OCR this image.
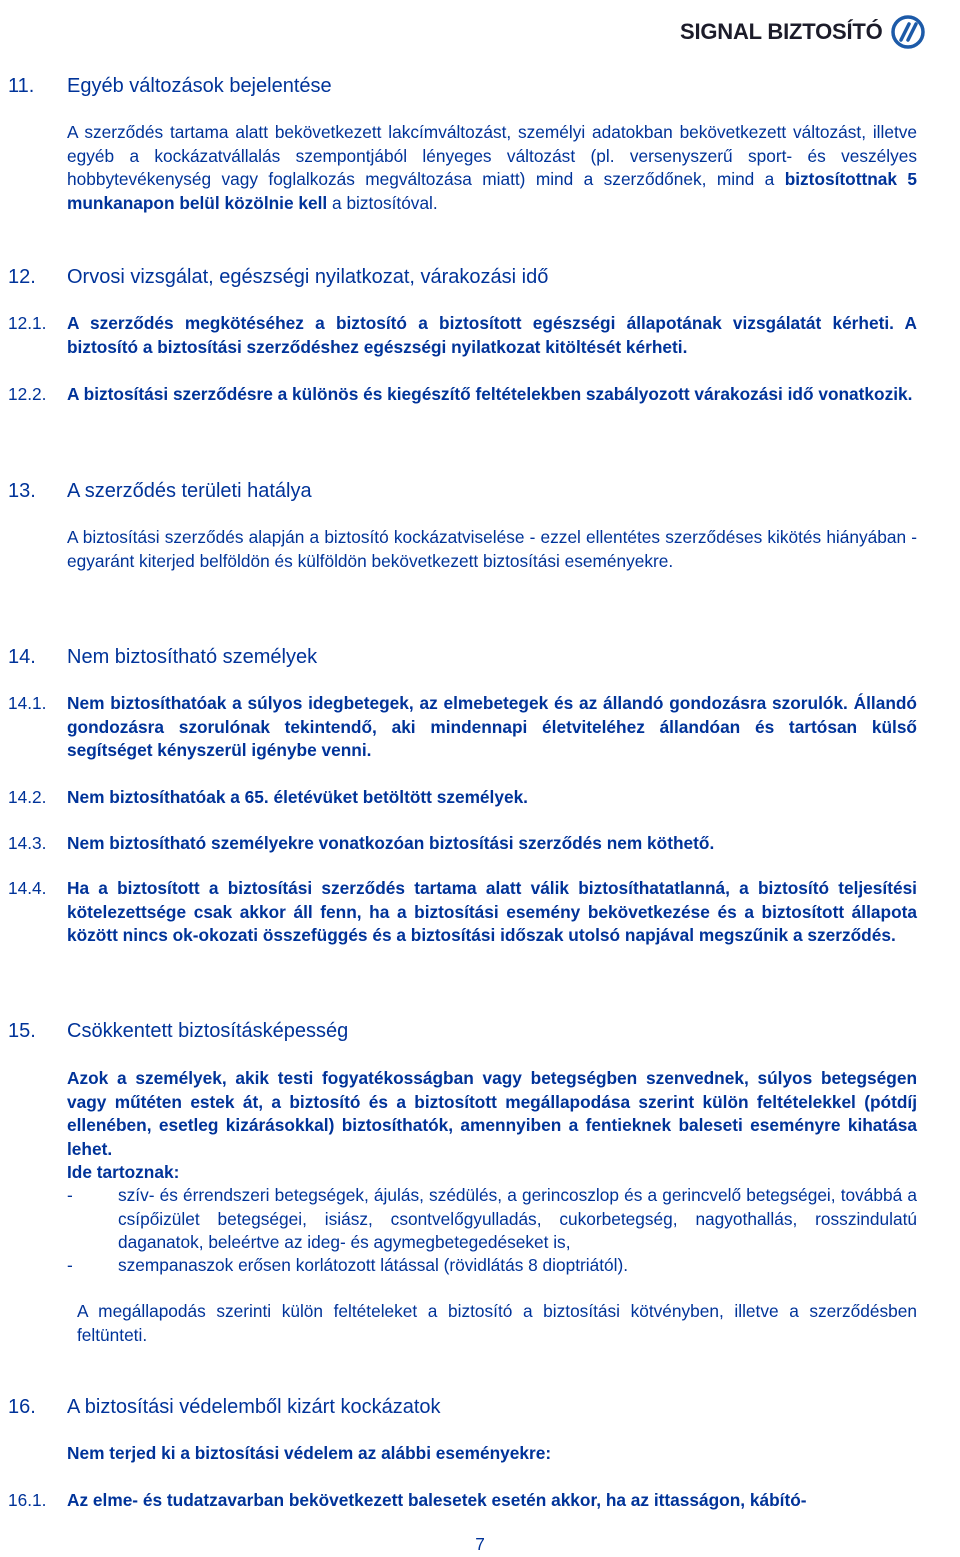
SIGNAL BIZTOSÍTÓ
11. Egyéb változások bejelentése
A szerződés tartama alatt bekövetkezett lakcímváltozást, személyi adatokban bekövetkezett változást, illetve egyéb a kockázatvállalás szempontjából lényeges változást (pl. versenyszerű sport- és veszélyes hobbytevékenység vagy foglalkozás megváltozása miatt) mind a szerződőnek, mind a biztosítottnak 5 munkanapon belül közölnie kell a biztosítóval.
12. Orvosi vizsgálat, egészségi nyilatkozat, várakozási idő
12.1. A szerződés megkötéséhez a biztosító a biztosított egészségi állapotának vizsgálatát kérheti. A biztosító a biztosítási szerződéshez egészségi nyilatkozat kitöltését kérheti.
12.2. A biztosítási szerződésre a különös és kiegészítő feltételekben szabályozott várakozási idő vonatkozik.
13. A szerződés területi hatálya
A biztosítási szerződés alapján a biztosító kockázatviselése - ezzel ellentétes szerződéses kikötés hiányában - egyaránt kiterjed belföldön és külföldön bekövetkezett biztosítási eseményekre.
14. Nem biztosítható személyek
14.1. Nem biztosíthatóak a súlyos idegbetegek, az elmebetegek és az állandó gondozásra szorulók. Állandó gondozásra szorulónak tekintendő, aki mindennapi életviteléhez állandóan és tartósan külső segítséget kényszerül igénybe venni.
14.2. Nem biztosíthatóak a 65. életévüket betöltött személyek.
14.3. Nem biztosítható személyekre vonatkozóan biztosítási szerződés nem köthető.
14.4. Ha a biztosított a biztosítási szerződés tartama alatt válik biztosíthatatlanná, a biztosító teljesítési kötelezettsége csak akkor áll fenn, ha a biztosítási esemény bekövetkezése és a biztosított állapota között nincs ok-okozati összefüggés és a biztosítási időszak utolsó napjával megszűnik a szerződés.
15. Csökkentett biztosításképesség
Azok a személyek, akik testi fogyatékosságban vagy betegségben szenvednek, súlyos betegségen vagy műtéten estek át, a biztosító és a biztosított megállapodása szerint külön feltételekkel (pótdíj ellenében, esetleg kizárásokkal) biztosíthatók, amennyiben a fentieknek baleseti eseményre kihatása lehet.
Ide tartoznak:
-	szív- és érrendszeri betegségek, ájulás, szédülés, a gerincoszlop és a gerincvelő betegségei, továbbá a csípőizület betegségei, isiász, csontvelőgyulladás, cukorbetegség, nagyothallás, rosszindulatú daganatok, beleértve az ideg- és agymegbetegedéseket is,
-	szempanaszok erősen korlátozott látással (rövidlátás 8 dioptriától).
A megállapodás szerinti külön feltételeket a biztosító a biztosítási kötvényben, illetve a szerződésben feltünteti.
16. A biztosítási védelemből kizárt kockázatok
Nem terjed ki a biztosítási védelem az alábbi eseményekre:
16.1. Az elme- és tudatzavarban bekövetkezett balesetek esetén akkor, ha az ittasságon, kábító-
7
